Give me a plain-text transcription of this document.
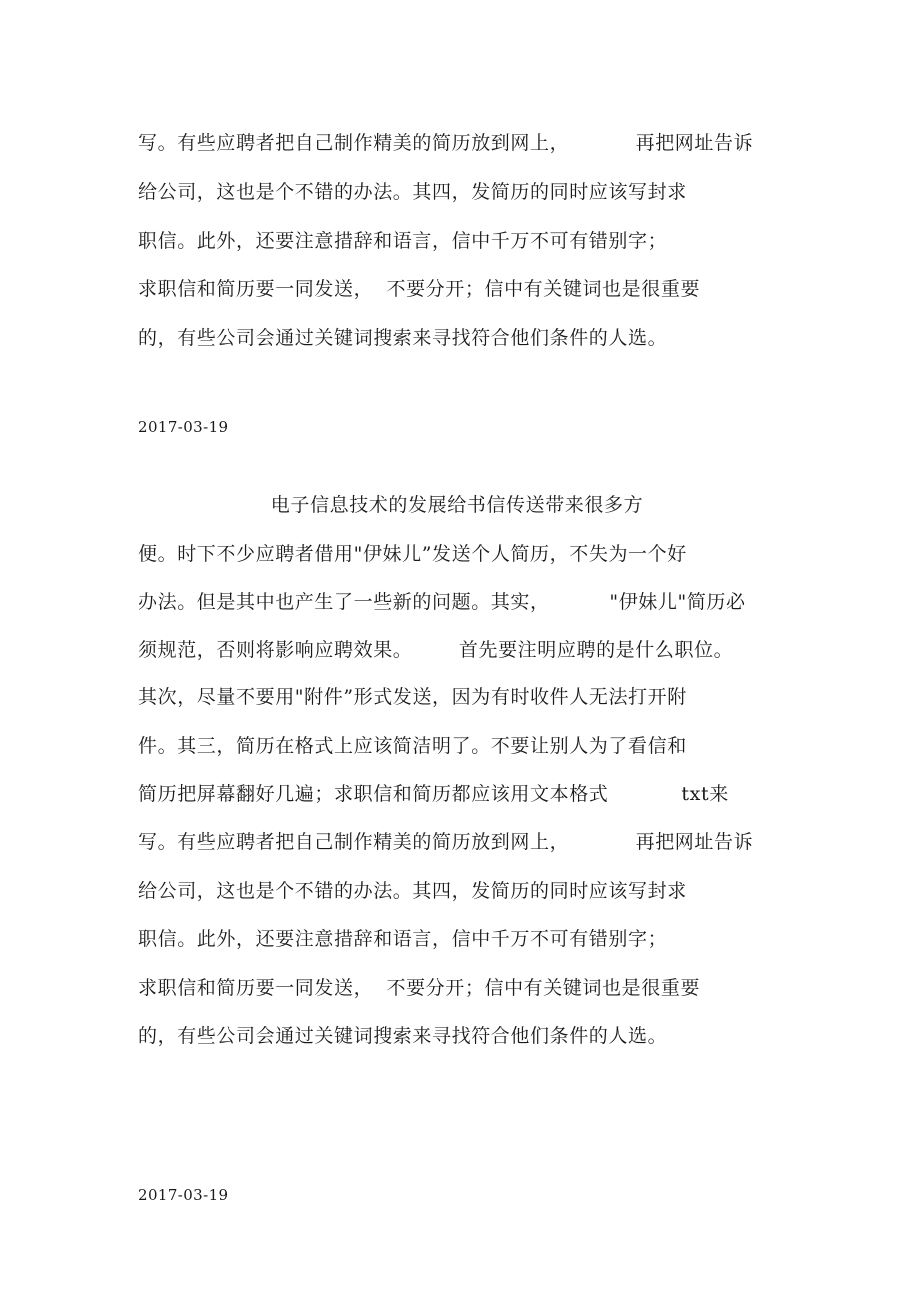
写。有些应聘者把自己制作精美的简历放到网上，          再把网址告诉
给公司，这也是个不错的办法。其四，发简历的同时应该写封求
职信。此外，还要注意措辞和语言，信中千万不可有错别字；
求职信和简历要一同发送，  不要分开；信中有关键词也是很重要
的，有些公司会通过关键词搜索来寻找符合他们条件的人选。
2017-03-19
电子信息技术的发展给书信传送带来很多方
便。时下不少应聘者借用"伊妹儿”发送个人简历，不失为一个好
办法。但是其中也产生了一些新的问题。其实，         "伊妹儿"简历必
须规范，否则将影响应聘效果。       首先要注明应聘的是什么职位。
其次，尽量不要用"附件”形式发送，因为有时收件人无法打开附
件。其三，简历在格式上应该简洁明了。不要让别人为了看信和
简历把屏幕翻好几遍；求职信和简历都应该用文本格式           txt来
写。有些应聘者把自己制作精美的简历放到网上，          再把网址告诉
给公司，这也是个不错的办法。其四，发简历的同时应该写封求
职信。此外，还要注意措辞和语言，信中千万不可有错别字；
求职信和简历要一同发送，  不要分开；信中有关键词也是很重要
的，有些公司会通过关键词搜索来寻找符合他们条件的人选。
2017-03-19
